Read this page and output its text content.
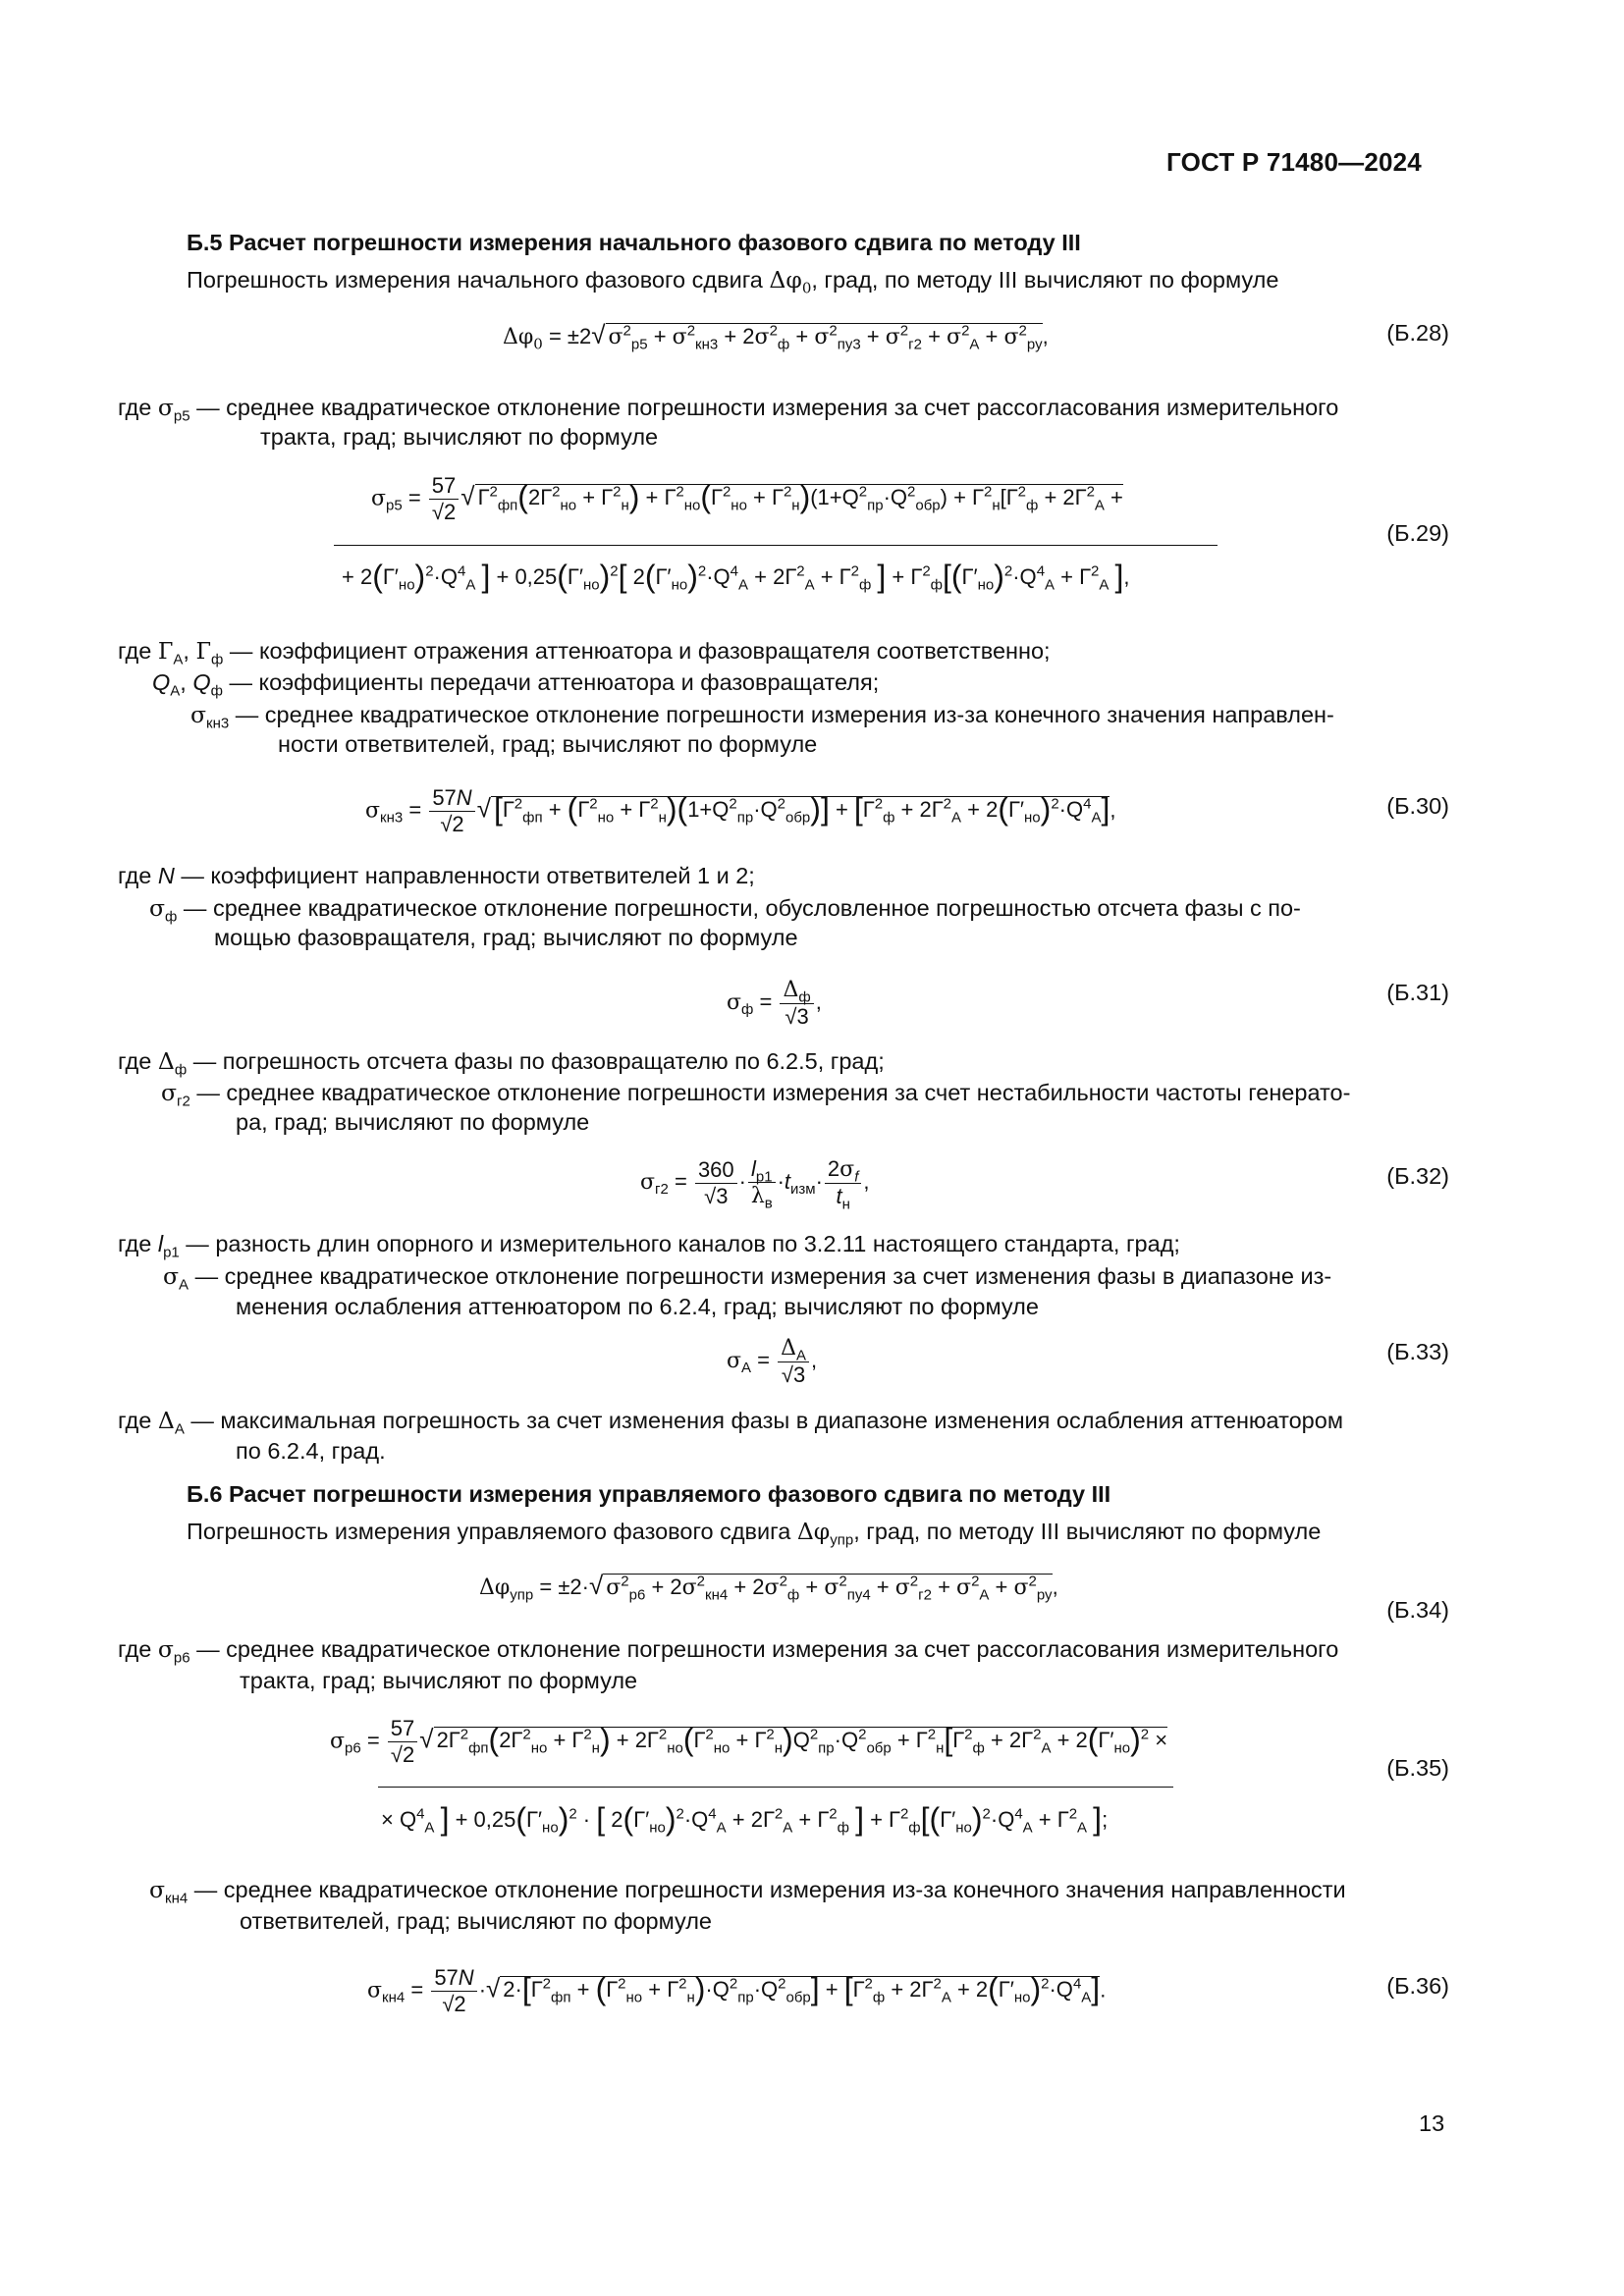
ГОСТ Р 71480—2024
Б.5 Расчет погрешности измерения начального фазового сдвига по методу III
Погрешность измерения начального фазового сдвига $\Delta\varphi_0$, град, по методу III вычисляют по формуле
$\Delta\varphi_0 = \pm 2√$ $\sigma^2_{р5} + \sigma^2_{кн3} + 2\sigma^2_ф + \sigma^2_{пу3} + \sigma^2_{г2} + \sigma^2_А + \sigma^2_{ру}$,	(Б.28)
где $\sigma_{р5}$ — среднее квадратическое отклонение погрешности измерения за счет рассогласования измерительного
тракта, град; вычисляют по формуле
$\sigma_{р5} = \frac{57}{√2}$ √ $Г^2_{фп}(2Г^2_{но} + Г^2_н) + Г^2_{но}(Г^2_{но} + Г^2_н)(1+Q^2_{пр}\cdot Q^2_{обр}) + Г^2_н[Г^2_ф + 2Г^2_А$ +
+ $2(Г'_{но})^2\cdot Q^4_А$ ] + $0,25(Г'_{но})^2$[ $2(Г'_{но})^2\cdot Q^4_А + 2Г^2_А + Г^2_ф$ ] + $Г^2_ф[(Г'_{но})^2\cdot Q^4_А + Г^2_А$ ],
(Б.29)
где $Г_А$, $Г_ф$ — коэффициент отражения аттенюатора и фазовращателя соответственно;
$Q_А$, $Q_ф$ — коэффициенты передачи аттенюатора и фазовращателя;
$\sigma_{кн3}$ — среднее квадратическое отклонение погрешности измерения из-за конечного значения направлен-
ности ответвителей, град; вычисляют по формуле
$\sigma_{кн3} = \frac{57N}{√2} √[Г^2_{фп} + (Г^2_{но} + Г^2_н)(1+Q^2_{пр}\cdot Q^2_{обр})] + [Г^2_ф + 2Г^2_А + 2(Г'_{но})^2\cdot Q^4_А]$,	(Б.30)
где N — коэффициент направленности ответвителей 1 и 2;
$\sigma_ф$ — среднее квадратическое отклонение погрешности, обусловленное погрешностью отсчета фазы с по-
мощью фазовращателя, град; вычисляют по формуле
$\sigma_ф = \frac{\Delta_ф}{√3}$ ,	(Б.31)
где $\Delta_ф$ — погрешность отсчета фазы по фазовращателю по 6.2.5, град;
$\sigma_{г2}$ — среднее квадратическое отклонение погрешности измерения за счет нестабильности частоты генерато-
ра, град; вычисляют по формуле
$\sigma_{г2} = \frac{360}{√3} \cdot \frac{l_{р1}}{\lambda_в} \cdot t_{изм}\cdot \frac{2\sigma_f}{t_н}$ ,	(Б.32)
где $l_{р1}$ — разность длин опорного и измерительного каналов по 3.2.11 настоящего стандарта, град;
$\sigma_А$ — среднее квадратическое отклонение погрешности измерения за счет изменения фазы в диапазоне из-
менения ослабления аттенюатором по 6.2.4, град; вычисляют по формуле
$\sigma_А = \frac{\Delta_А}{√3}$ ,	(Б.33)
где $\Delta_А$ — максимальная погрешность за счет изменения фазы в диапазоне изменения ослабления аттенюатором
по 6.2.4, град.
Б.6 Расчет погрешности измерения управляемого фазового сдвига по методу III
Погрешность измерения управляемого фазового сдвига $\Delta\varphi_{упр}$, град, по методу III вычисляют по формуле
$\Delta\varphi_{упр} = \pm 2\cdot√$ $\sigma^2_{р6} + 2\sigma^2_{кн4} + 2\sigma^2_ф + \sigma^2_{пу4} + \sigma^2_{г2} + \sigma^2_А + \sigma^2_{ру}$,
(Б.34)
где $\sigma_{р6}$ — среднее квадратическое отклонение погрешности измерения за счет рассогласования измерительного
тракта, град; вычисляют по формуле
$\sigma_{р6} = \frac{57}{√2}$ √ $2Г^2_{фп}(2Г^2_{но} + Г^2_н) + 2Г^2_{но}(Г^2_{но} + Г^2_н)Q^2_{пр}\cdot Q^2_{обр} + Г^2_н[Г^2_ф + 2Г^2_А + 2(Г'_{но})^2$ ×
× $Q^4_А$ ] + $0,25(Г'_{но})^2$ · [ $2(Г'_{но})^2\cdot Q^4_А + 2Г^2_А + Г^2_ф$ ] + $Г^2_ф[(Г'_{но})^2\cdot Q^4_А + Г^2_А$ ];
(Б.35)
$\sigma_{кн4}$ — среднее квадратическое отклонение погрешности измерения из-за конечного значения направленности
ответвителей, град; вычисляют по формуле
$\sigma_{кн4} = \frac{57N}{√2}$ ·√ $2\cdot[Г^2_{фп} + (Г^2_{но} + Г^2_н)\cdot Q^2_{пр}\cdot Q^2_{обр}] + [Г^2_ф + 2Г^2_А + 2(Г'_{но})^2\cdot Q^4_А]$.	(Б.36)
13
